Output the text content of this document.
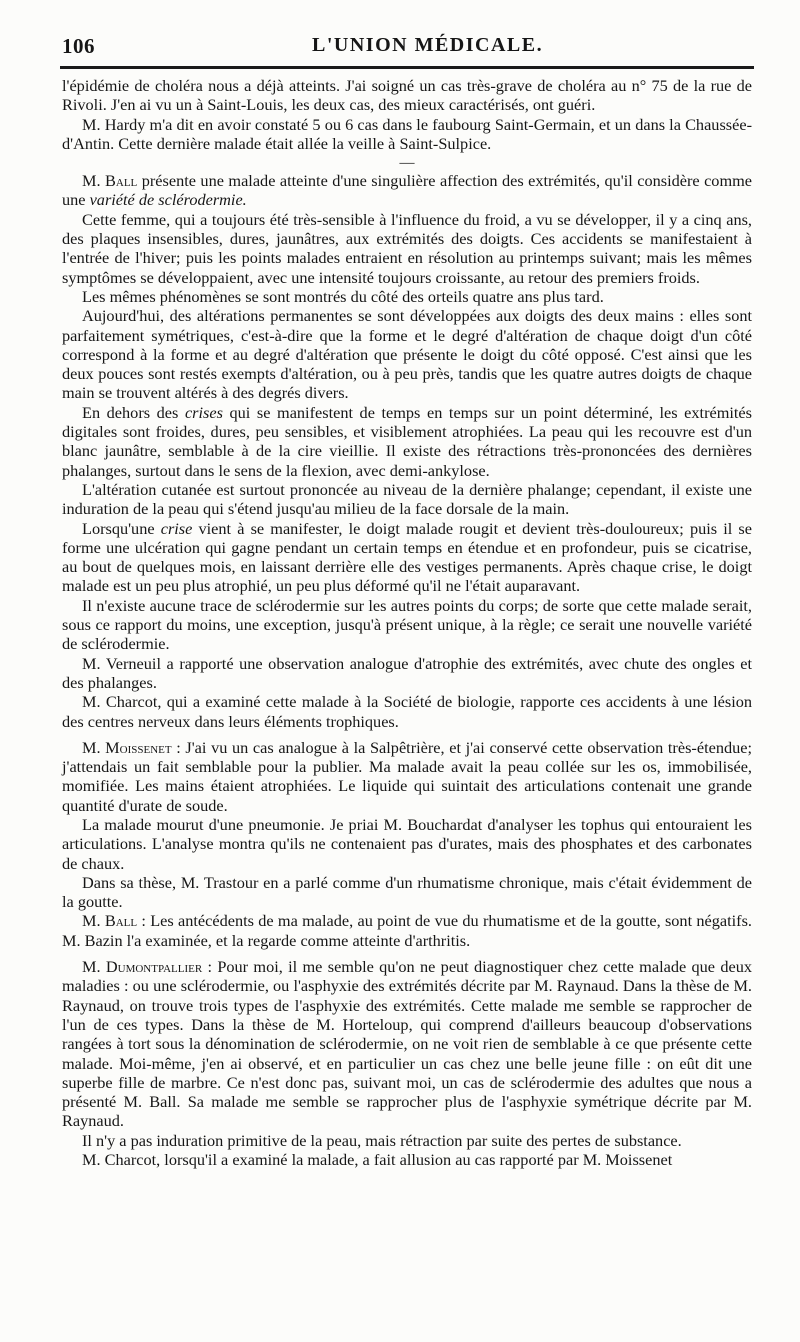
106	L'UNION MÉDICALE.

l'épidémie de choléra nous a déjà atteints. J'ai soigné un cas très-grave de choléra au n° 75 de la rue de Rivoli. J'en ai vu un à Saint-Louis, les deux cas, des mieux caractérisés, ont guéri.

M. Hardy m'a dit en avoir constaté 5 ou 6 cas dans le faubourg Saint-Germain, et un dans la Chaussée-d'Antin. Cette dernière malade était allée la veille à Saint-Sulpice.

—

M. Ball présente une malade atteinte d'une singulière affection des extrémités, qu'il considère comme une variété de sclérodermie.

Cette femme, qui a toujours été très-sensible à l'influence du froid, a vu se développer, il y a cinq ans, des plaques insensibles, dures, jaunâtres, aux extrémités des doigts. Ces accidents se manifestaient à l'entrée de l'hiver; puis les points malades entraient en résolution au printemps suivant; mais les mêmes symptômes se développaient, avec une intensité toujours croissante, au retour des premiers froids.

Les mêmes phénomènes se sont montrés du côté des orteils quatre ans plus tard.

Aujourd'hui, des altérations permanentes se sont développées aux doigts des deux mains : elles sont parfaitement symétriques, c'est-à-dire que la forme et le degré d'altération de chaque doigt d'un côté correspond à la forme et au degré d'altération que présente le doigt du côté opposé. C'est ainsi que les deux pouces sont restés exempts d'altération, ou à peu près, tandis que les quatre autres doigts de chaque main se trouvent altérés à des degrés divers.

En dehors des crises qui se manifestent de temps en temps sur un point déterminé, les extrémités digitales sont froides, dures, peu sensibles, et visiblement atrophiées. La peau qui les recouvre est d'un blanc jaunâtre, semblable à de la cire vieillie. Il existe des rétractions très-prononcées des dernières phalanges, surtout dans le sens de la flexion, avec demi-ankylose.

L'altération cutanée est surtout prononcée au niveau de la dernière phalange; cependant, il existe une induration de la peau qui s'étend jusqu'au milieu de la face dorsale de la main.

Lorsqu'une crise vient à se manifester, le doigt malade rougit et devient très-douloureux; puis il se forme une ulcération qui gagne pendant un certain temps en étendue et en profondeur, puis se cicatrise, au bout de quelques mois, en laissant derrière elle des vestiges permanents. Après chaque crise, le doigt malade est un peu plus atrophié, un peu plus déformé qu'il ne l'était auparavant.

Il n'existe aucune trace de sclérodermie sur les autres points du corps; de sorte que cette malade serait, sous ce rapport du moins, une exception, jusqu'à présent unique, à la règle; ce serait une nouvelle variété de sclérodermie.

M. Verneuil a rapporté une observation analogue d'atrophie des extrémités, avec chute des ongles et des phalanges.

M. Charcot, qui a examiné cette malade à la Société de biologie, rapporte ces accidents à une lésion des centres nerveux dans leurs éléments trophiques.

M. Moissenet : J'ai vu un cas analogue à la Salpêtrière, et j'ai conservé cette observation très-étendue; j'attendais un fait semblable pour la publier. Ma malade avait la peau collée sur les os, immobilisée, momifiée. Les mains étaient atrophiées. Le liquide qui suintait des articulations contenait une grande quantité d'urate de soude.

La malade mourut d'une pneumonie. Je priai M. Bouchardat d'analyser les tophus qui entouraient les articulations. L'analyse montra qu'ils ne contenaient pas d'urates, mais des phosphates et des carbonates de chaux.

Dans sa thèse, M. Trastour en a parlé comme d'un rhumatisme chronique, mais c'était évidemment de la goutte.

M. Ball : Les antécédents de ma malade, au point de vue du rhumatisme et de la goutte, sont négatifs. M. Bazin l'a examinée, et la regarde comme atteinte d'arthritis.

M. Dumontpallier : Pour moi, il me semble qu'on ne peut diagnostiquer chez cette malade que deux maladies : ou une sclérodermie, ou l'asphyxie des extrémités décrite par M. Raynaud. Dans la thèse de M. Raynaud, on trouve trois types de l'asphyxie des extrémités. Cette malade me semble se rapprocher de l'un de ces types. Dans la thèse de M. Horteloup, qui comprend d'ailleurs beaucoup d'observations rangées à tort sous la dénomination de sclérodermie, on ne voit rien de semblable à ce que présente cette malade. Moi-même, j'en ai observé, et en particulier un cas chez une belle jeune fille : on eût dit une superbe fille de marbre. Ce n'est donc pas, suivant moi, un cas de sclérodermie des adultes que nous a présenté M. Ball. Sa malade me semble se rapprocher plus de l'asphyxie symétrique décrite par M. Raynaud.

Il n'y a pas induration primitive de la peau, mais rétraction par suite des pertes de substance.

M. Charcot, lorsqu'il a examiné la malade, a fait allusion au cas rapporté par M. Moissenet
